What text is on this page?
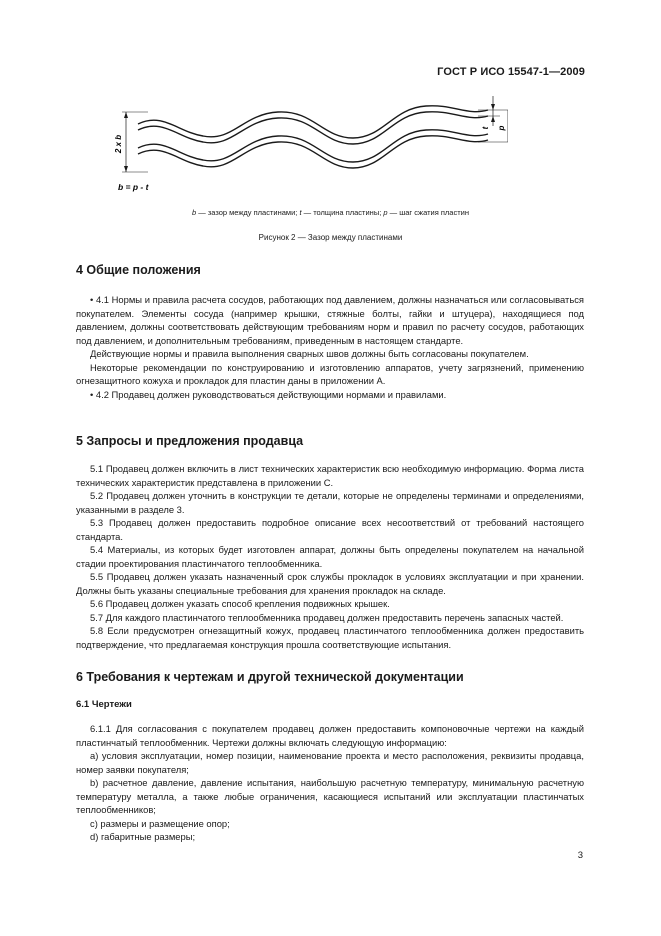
ГОСТ Р ИСО 15547-1—2009
2 x b
t p
b = p - t
b — зазор между пластинами; t — толщина пластины; p — шаг сжатия пластин
Рисунок 2 — Зазор между пластинами
4 Общие положения

• 4.1 Нормы и правила расчета сосудов, работающих под давлением, должны назначаться или согласовываться покупателем. Элементы сосуда (например крышки, стяжные болты, гайки и штуцера), находящиеся под давлением, должны соответствовать действующим требованиям норм и правил по расчету сосудов, работающих под давлением, и дополнительным требованиям, приведенным в настоящем стандарте.

Действующие нормы и правила выполнения сварных швов должны быть согласованы покупателем.

Некоторые рекомендации по конструированию и изготовлению аппаратов, учету загрязнений, применению огнезащитного кожуха и прокладок для пластин даны в приложении А.

• 4.2 Продавец должен руководствоваться действующими нормами и правилами.

5 Запросы и предложения продавца

5.1 Продавец должен включить в лист технических характеристик всю необходимую информацию. Форма листа технических характеристик представлена в приложении С.

5.2 Продавец должен уточнить в конструкции те детали, которые не определены терминами и определениями, указанными в разделе 3.

5.3 Продавец должен предоставить подробное описание всех несоответствий от требований настоящего стандарта.

5.4 Материалы, из которых будет изготовлен аппарат, должны быть определены покупателем на начальной стадии проектирования пластинчатого теплообменника.

5.5 Продавец должен указать назначенный срок службы прокладок в условиях эксплуатации и при хранении. Должны быть указаны специальные требования для хранения прокладок на складе.

5.6 Продавец должен указать способ крепления подвижных крышек.

5.7 Для каждого пластинчатого теплообменника продавец должен предоставить перечень запасных частей.

5.8 Если предусмотрен огнезащитный кожух, продавец пластинчатого теплообменника должен предоставить подтверждение, что предлагаемая конструкция прошла соответствующие испытания.

6 Требования к чертежам и другой технической документации
6.1 Чертежи

6.1.1 Для согласования с покупателем продавец должен предоставить компоновочные чертежи на каждый пластинчатый теплообменник. Чертежи должны включать следующую информацию:

а) условия эксплуатации, номер позиции, наименование проекта и место расположения, реквизиты продавца, номер заявки покупателя;

b) расчетное давление, давление испытания, наибольшую расчетную температуру, минимальную расчетную температуру металла, а также любые ограничения, касающиеся испытаний или эксплуатации пластинчатых теплообменников;

с) размеры и размещение опор;

d) габаритные размеры;

3
